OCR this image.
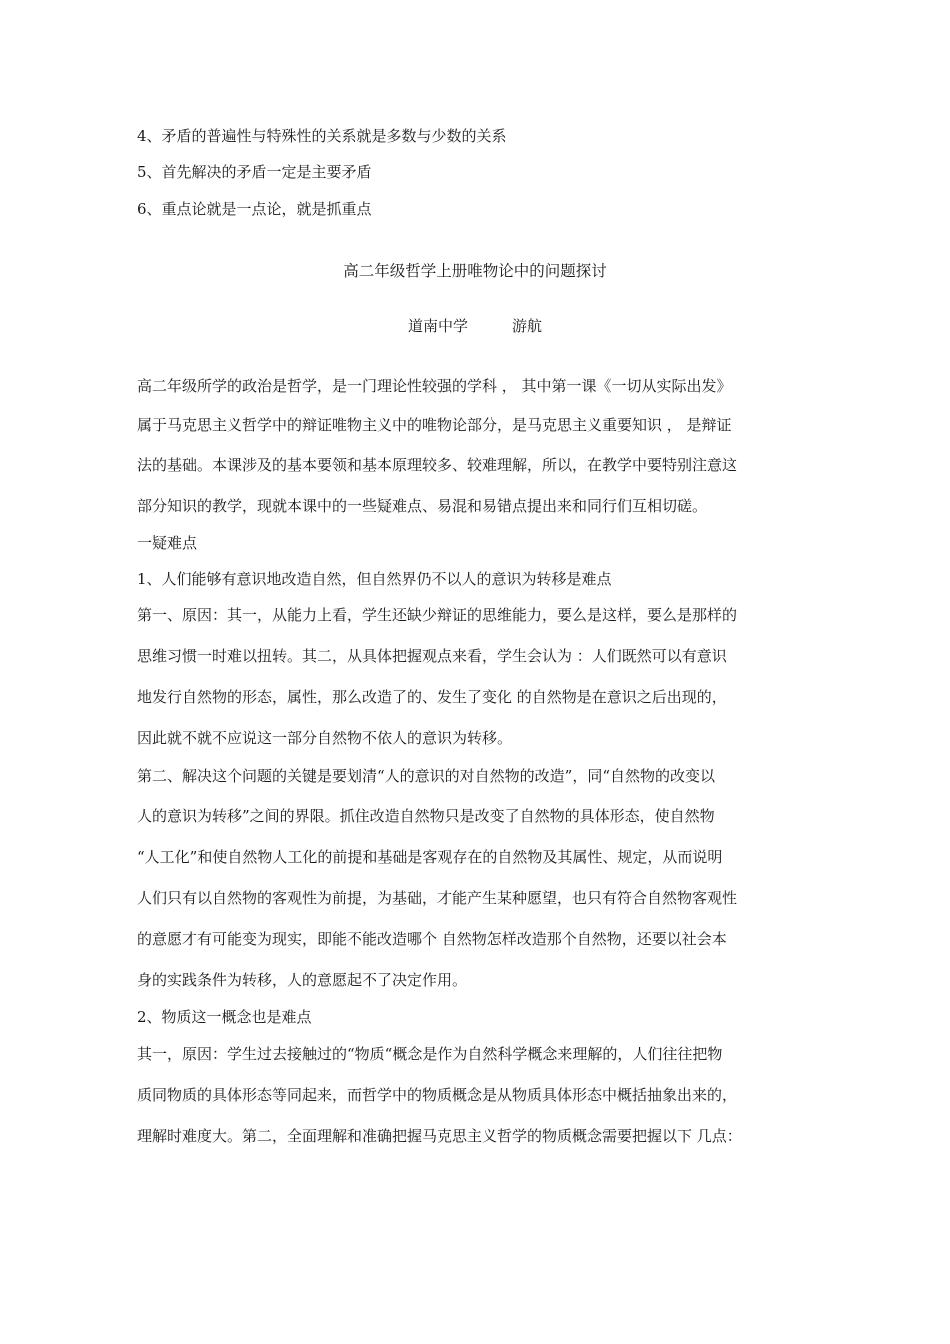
4、矛盾的普遍性与特殊性的关系就是多数与少数的关系
5、首先解决的矛盾一定是主要矛盾
6、重点论就是一点论，就是抓重点
高二年级哲学上册唯物论中的问题探讨
道南中学	游航
高二年级所学的政治是哲学，是一门理论性较强的学科 ， 其中第一课《一切从实际出发》
属于马克思主义哲学中的辩证唯物主义中的唯物论部分，是马克思主义重要知识 ， 是辩证
法的基础。本课涉及的基本要领和基本原理较多、较难理解，所以，在教学中要特别注意这
部分知识的教学，现就本课中的一些疑难点、易混和易错点提出来和同行们互相切磋。
一疑难点
1、人们能够有意识地改造自然，但自然界仍不以人的意识为转移是难点
第一、原因：其一，从能力上看，学生还缺少辩证的思维能力，要么是这样，要么是那样的
思维习惯一时难以扭转。其二，从具体把握观点来看，学生会认为 ：人们既然可以有意识
地发行自然物的形态，属性，那么改造了的、发生了变化 的自然物是在意识之后出现的，
因此就不就不应说这一部分自然物不依人的意识为转移。
第二、解决这个问题的关键是要划清“人的意识的对自然物的改造”，同“自然物的改变以
人的意识为转移”之间的界限。抓住改造自然物只是改变了自然物的具体形态，使自然物
“人工化”和使自然物人工化的前提和基础是客观存在的自然物及其属性、规定，从而说明
人们只有以自然物的客观性为前提，为基础，才能产生某种愿望，也只有符合自然物客观性
的意愿才有可能变为现实，即能不能改造哪个 自然物怎样改造那个自然物，还要以社会本
身的实践条件为转移，人的意愿起不了决定作用。
2、物质这一概念也是难点
其一，原因：学生过去接触过的“物质“概念是作为自然科学概念来理解的，人们往往把物
质同物质的具体形态等同起来，而哲学中的物质概念是从物质具体形态中概括抽象出来的，
理解时难度大。第二，全面理解和准确把握马克思主义哲学的物质概念需要把握以下 几点：
